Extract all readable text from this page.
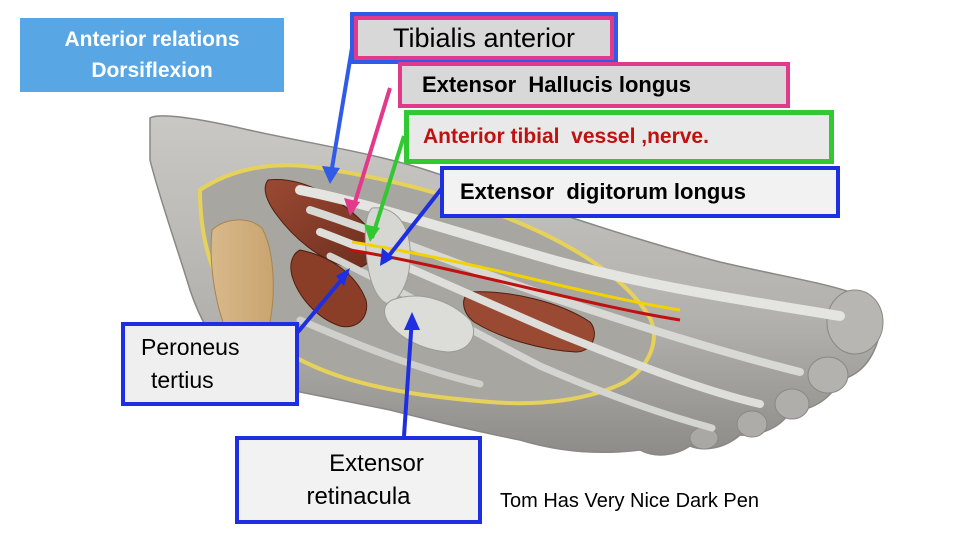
Anterior relations
Dorsiflexion
Tibialis anterior
Extensor  Hallucis longus
Anterior tibial  vessel ,nerve.
Extensor  digitorum longus
Peroneus
tertius
Extensor
retinacula	Tom Has Very Nice Dark Pen
